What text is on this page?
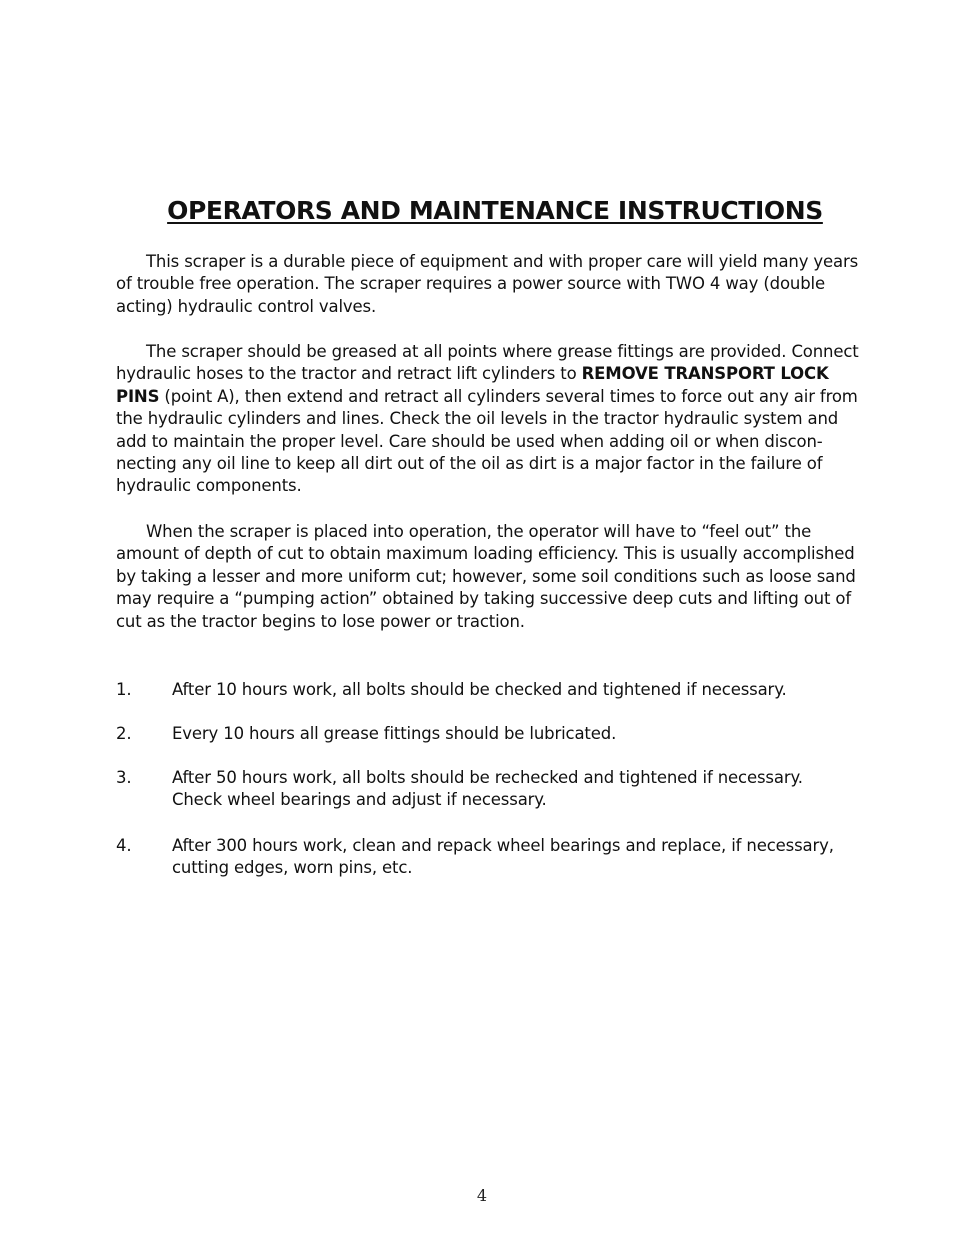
OPERATORS AND MAINTENANCE INSTRUCTIONS

This scraper is a durable piece of equipment and with proper care will yield many years
of trouble free operation. The scraper requires a power source with TWO 4 way (double
acting) hydraulic control valves.

The scraper should be greased at all points where grease fittings are provided. Connect
hydraulic hoses to the tractor and retract lift cylinders to REMOVE TRANSPORT LOCK
PINS (point A), then extend and retract all cylinders several times to force out any air from
the hydraulic cylinders and lines. Check the oil levels in the tractor hydraulic system and
add to maintain the proper level. Care should be used when adding oil or when discon-
necting any oil line to keep all dirt out of the oil as dirt is a major factor in the failure of
hydraulic components.

When the scraper is placed into operation, the operator will have to “feel out” the
amount of depth of cut to obtain maximum loading efficiency. This is usually accomplished
by taking a lesser and more uniform cut; however, some soil conditions such as loose sand
may require a “pumping action” obtained by taking successive deep cuts and lifting out of
cut as the tractor begins to lose power or traction.

1. After 10 hours work, all bolts should be checked and tightened if necessary.
2. Every 10 hours all grease fittings should be lubricated.
3. After 50 hours work, all bolts should be rechecked and tightened if necessary.
Check wheel bearings and adjust if necessary.
4. After 300 hours work, clean and repack wheel bearings and replace, if necessary,
cutting edges, worn pins, etc.
4
